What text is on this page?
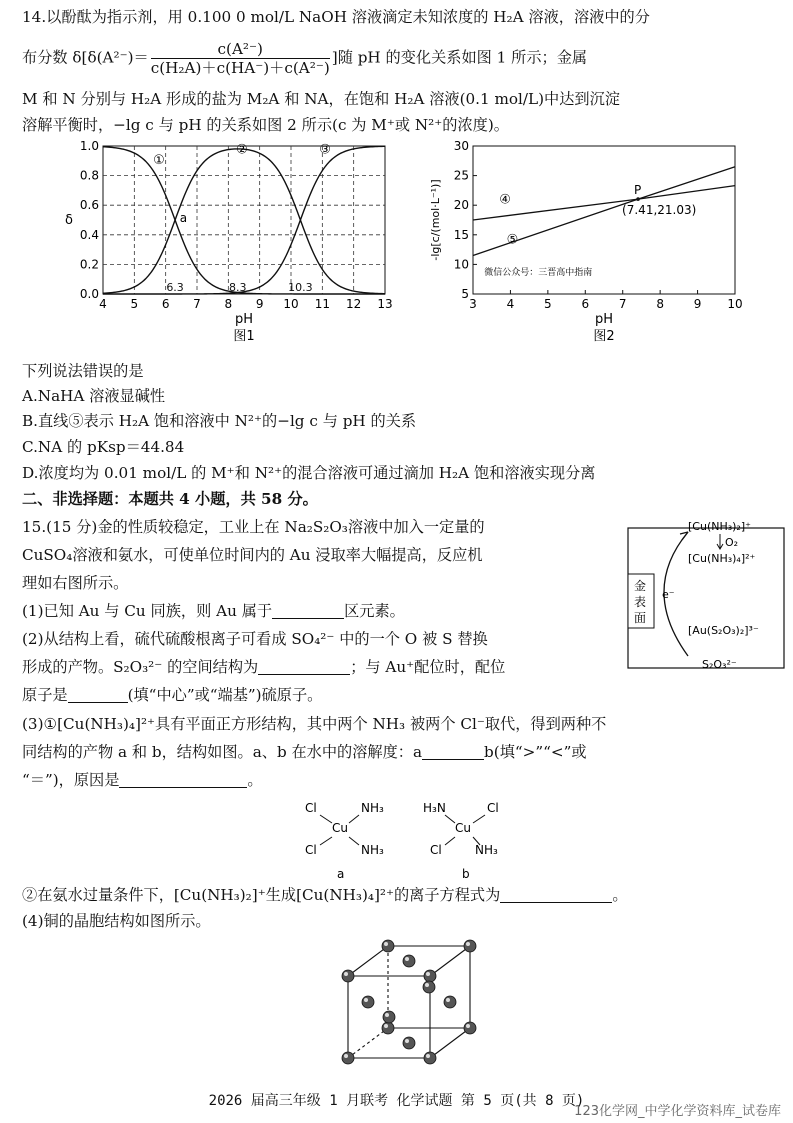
14.以酚酞为指示剂，用 0.100 0 mol/L NaOH 溶液滴定未知浓度的 H₂A 溶液，溶液中的分
布分数 $\delta[\delta(A^{2-})= \frac{\text{c(A²⁻)}}{\text{c(H₂A)＋c(HA⁻)＋c(A²⁻)}}$ ]随 pH 的变化关系如图 1 所示；金属
M 和 N 分别与 H₂A 形成的盐为 M₂A 和 NA，在饱和 H₂A 溶液(0.1 mol/L)中达到沉淀
溶解平衡时，−lg c 与 pH 的关系如图 2 所示(c 为 M⁺或 N²⁺的浓度)。
4 5 6 7 8 9 10 11 12 13
0.0
0.2
0.4
0.6
0.8
1.0
①
②	③
a
6.3	8.3	10.3
pH
δ
图1
3 4 5 6 7 8 9 10
5
10
15
20
25
30
P
(7.41,21.03)
④
⑤
微信公众号：三晋高中指南
pH
-lg[c/(mol·L⁻¹)]
图2
下列说法错误的是
A.NaHA 溶液显碱性
B.直线⑤表示 H₂A 饱和溶液中 N²⁺的−lg c 与 pH 的关系
C.NA 的 pKsp＝44.84
D.浓度均为 0.01 mol/L 的 M⁺和 N²⁺的混合溶液可通过滴加 H₂A 饱和溶液实现分离
二、非选择题：本题共 4 小题，共 58 分。
15.(15 分)金的性质较稳定，工业上在 Na₂S₂O₃溶液中加入一定量的
CuSO₄溶液和氨水，可使单位时间内的 Au 浸取率大幅提高，反应机
理如右图所示。
(1)已知 Au 与 Cu 同族，则 Au 属于	区元素。
(2)从结构上看，硫代硫酸根离子可看成 SO₄²⁻ 中的一个 O 被 S 替换
形成的产物。S₂O₃²⁻ 的空间结构为	；与 Au⁺配位时，配位
原子是	(填“中心”或“端基”)硫原子。
(3)①[Cu(NH₃)₄]²⁺具有平面正方形结构，其中两个 NH₃ 被两个 Cl⁻取代，得到两种不
同结构的产物 a 和 b，结构如图。a、b 在水中的溶解度：a	b(填“>”“<”或
“＝”)，原因是	。
Cl	NH₃
Cu
Cl	NH₃
a
H₃N	Cl
Cu
Cl	NH₃
b
②在氨水过量条件下，[Cu(NH₃)₂]⁺生成[Cu(NH₃)₄]²⁺的离子方程式为	。
(4)铜的晶胞结构如图所示。
金
表
面
e⁻
[Cu(NH₃)₂]⁺
O₂
[Cu(NH₃)₄]²⁺
[Au(S₂O₃)₂]³⁻
S₂O₃²⁻
2026 届高三年级 1 月联考 化学试题 第 5 页(共 8 页)
123化学网_中学化学资料库_试卷库
